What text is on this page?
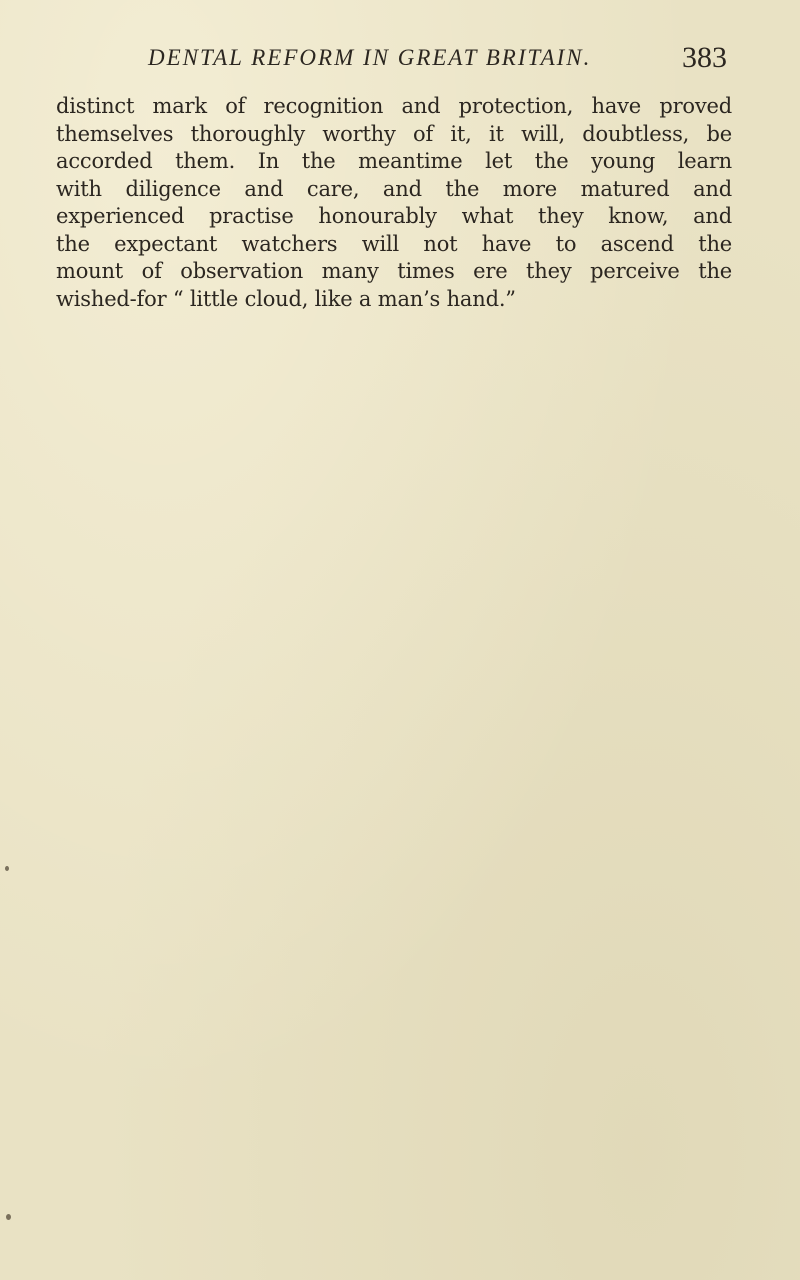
DENTAL REFORM IN GREAT BRITAIN.	383
distinct mark of recognition and protection, have proved
themselves thoroughly worthy of it, it will, doubtless, be
accorded them. In the meantime let the young learn
with diligence and care, and the more matured and
experienced practise honourably what they know, and
the expectant watchers will not have to ascend the
mount of observation many times ere they perceive the
wished-for “ little cloud, like a man’s hand.”
